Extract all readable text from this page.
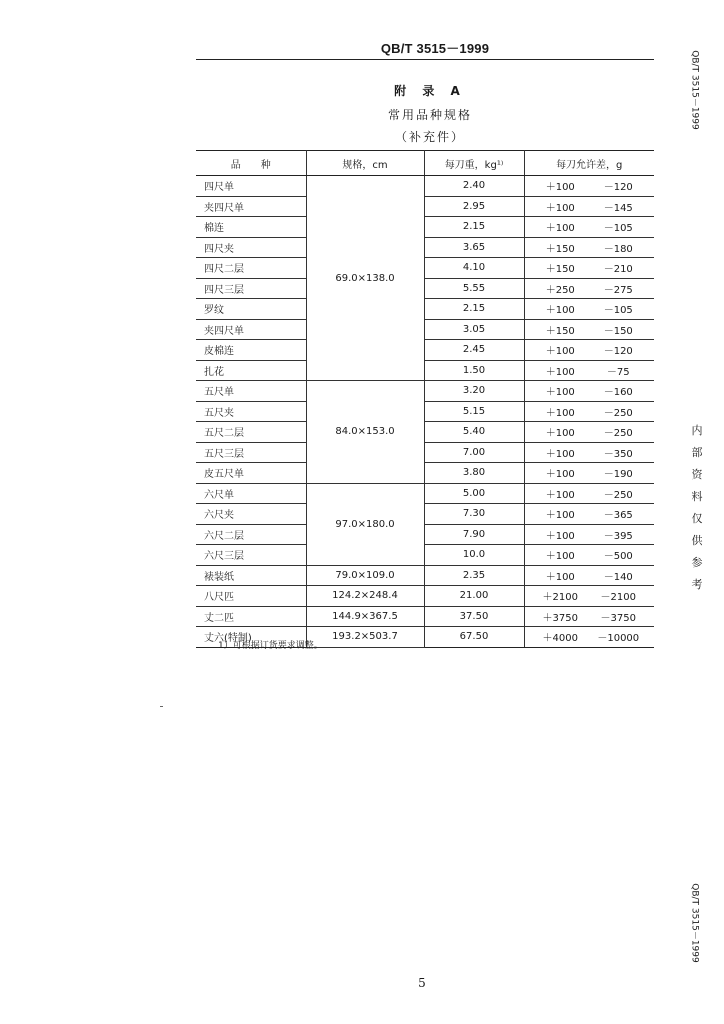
QB/T 3515－1999
QB/T 3515－1999
QB/T 3515－1999
内
部
资
料
仅
供
参
考
附 录 A
常用品种规格
（补充件）
品　　种	规格，cm	每刀重，kg¹⁾	每刀允许差，g
四尺单	69.0×138.0	2.40	＋100 －120
夹四尺单		2.95	＋100 －145
棉连		2.15	＋100 －105
四尺夹		3.65	＋150 －180
四尺二层		4.10	＋150 －210
四尺三层		5.55	＋250 －275
罗纹		2.15	＋100 －105
夹四尺单		3.05	＋150 －150
皮棉连		2.45	＋100 －120
扎花		1.50	＋100 －75
五尺单	84.0×153.0	3.20	＋100 －160
五尺夹		5.15	＋100 －250
五尺二层		5.40	＋100 －250
五尺三层		7.00	＋100 －350
皮五尺单		3.80	＋100 －190
六尺单	97.0×180.0	5.00	＋100 －250
六尺夹		7.30	＋100 －365
六尺二层		7.90	＋100 －395
六尺三层		10.0	＋100 －500
裱装纸	79.0×109.0	2.35	＋100 －140
八尺匹	124.2×248.4	21.00	＋2100 －2100
丈二匹	144.9×367.5	37.50	＋3750 －3750
丈六(特制)	193.2×503.7	67.50	＋4000 －10000
1）可根据订货要求调整。
5
